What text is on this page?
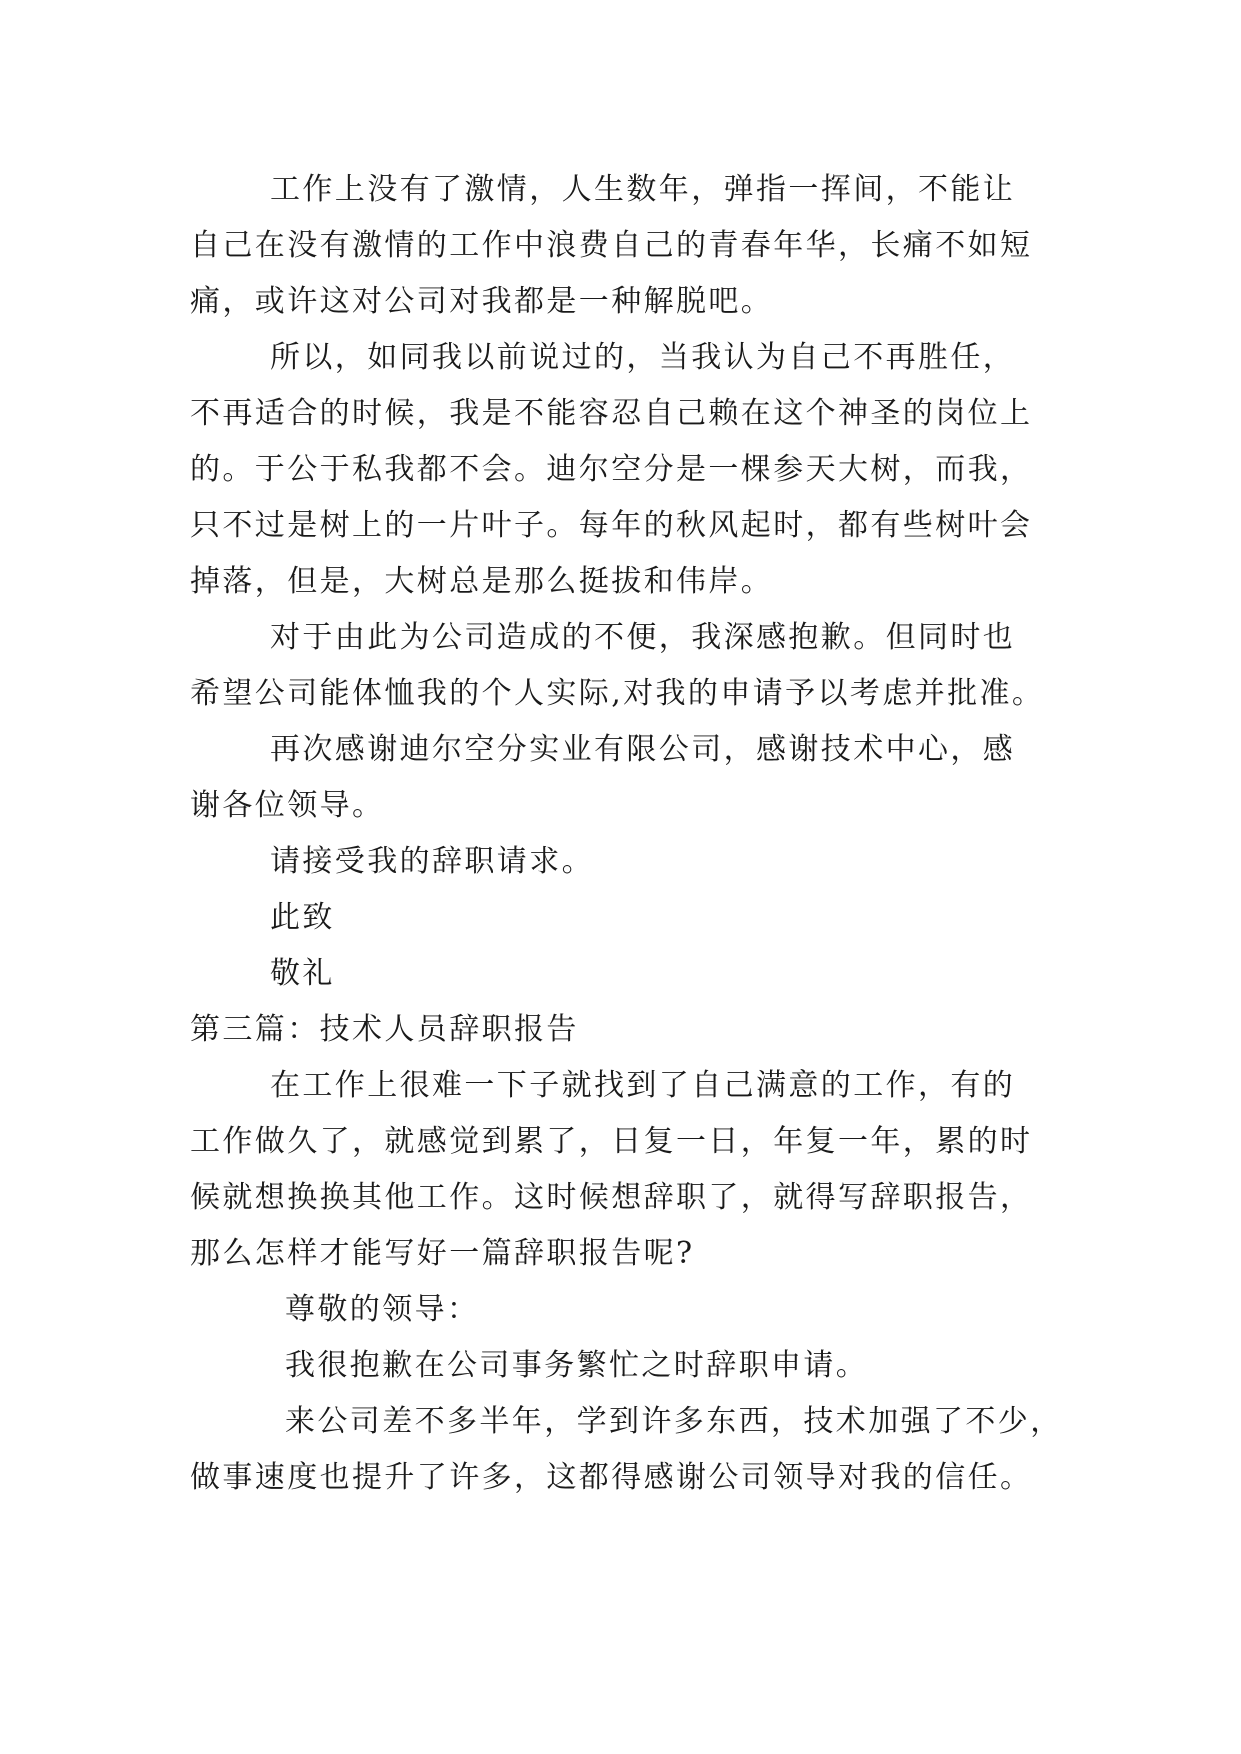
工作上没有了激情，人生数年，弹指一挥间，不能让

自己在没有激情的工作中浪费自己的青春年华，长痛不如短

痛，或许这对公司对我都是一种解脱吧。

所以，如同我以前说过的，当我认为自己不再胜任，

不再适合的时候，我是不能容忍自己赖在这个神圣的岗位上

的。于公于私我都不会。迪尔空分是一棵参天大树，而我，

只不过是树上的一片叶子。每年的秋风起时，都有些树叶会

掉落，但是，大树总是那么挺拔和伟岸。

对于由此为公司造成的不便，我深感抱歉。但同时也

希望公司能体恤我的个人实际,对我的申请予以考虑并批准。

再次感谢迪尔空分实业有限公司，感谢技术中心，感

谢各位领导。

请接受我的辞职请求。

此致

敬礼

第三篇：技术人员辞职报告

在工作上很难一下子就找到了自己满意的工作，有的

工作做久了，就感觉到累了，日复一日，年复一年，累的时

候就想换换其他工作。这时候想辞职了，就得写辞职报告，

那么怎样才能写好一篇辞职报告呢?

尊敬的领导：

我很抱歉在公司事务繁忙之时辞职申请。

来公司差不多半年，学到许多东西，技术加强了不少，

做事速度也提升了许多，这都得感谢公司领导对我的信任。
